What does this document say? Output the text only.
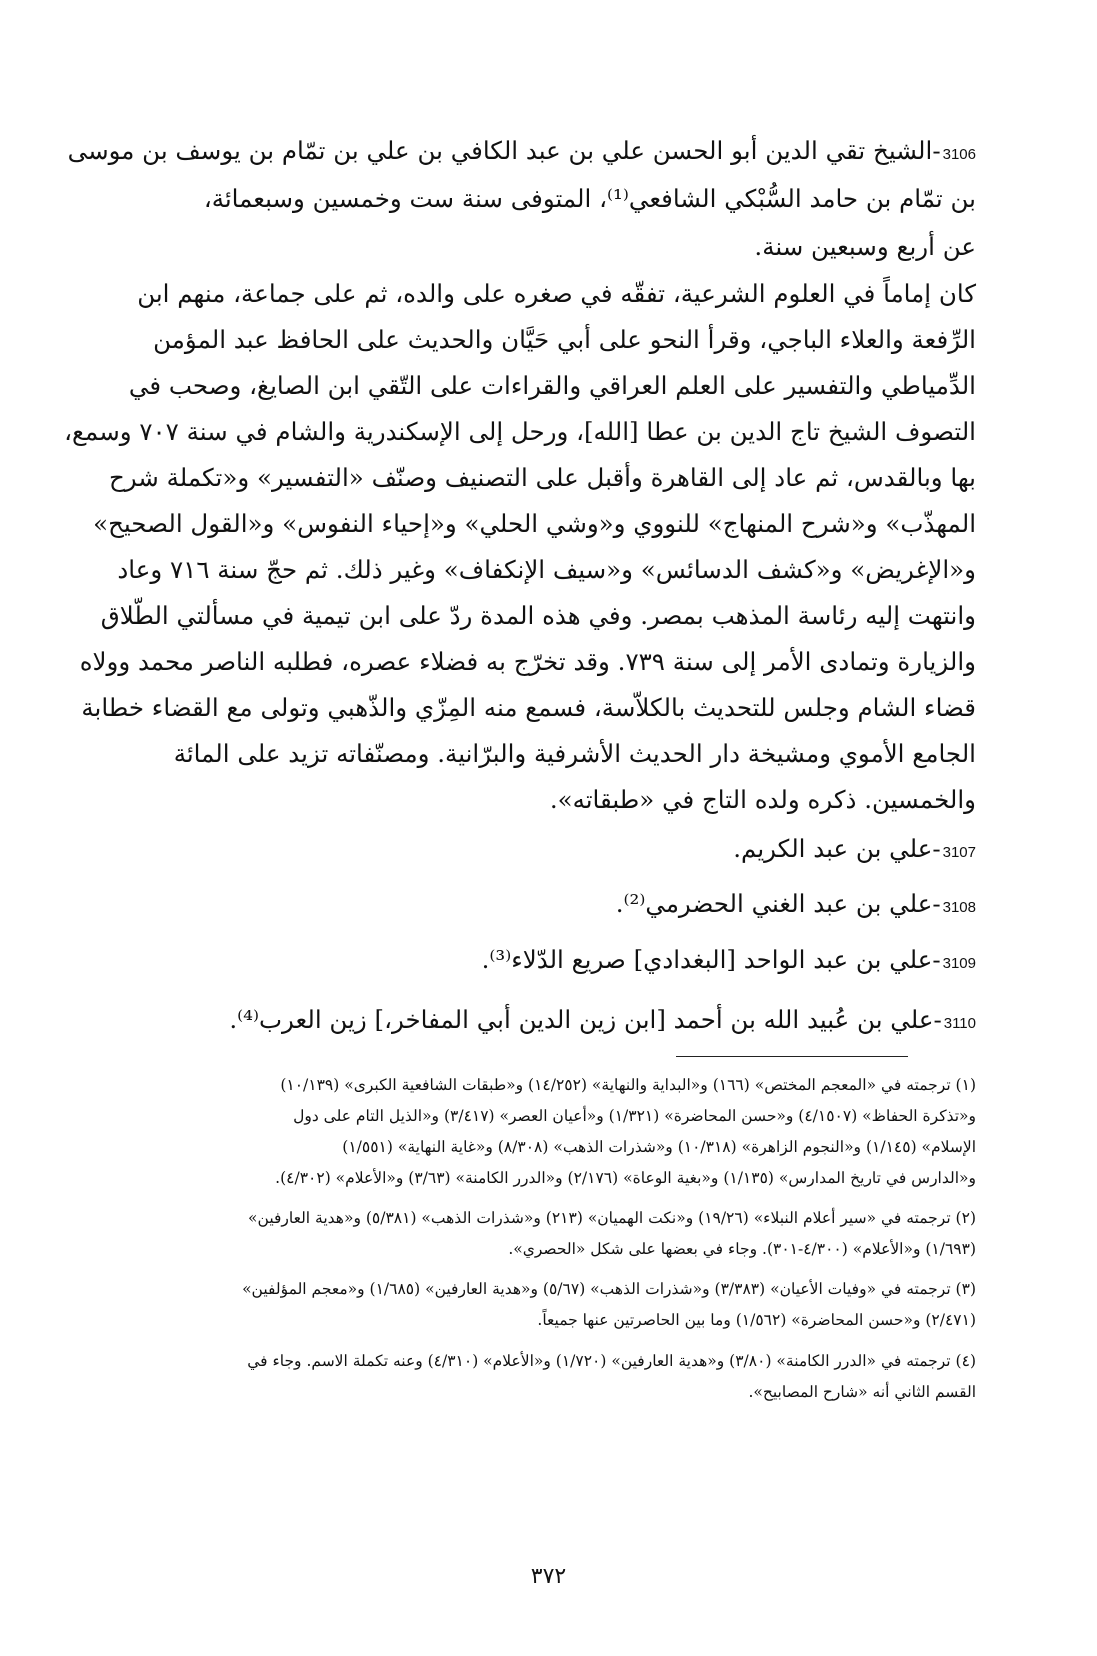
3106-الشيخ تقي الدين أبو الحسن علي بن عبد الكافي بن علي بن تمّام بن يوسف بن موسى
بن تمّام بن حامد السُّبْكي الشافعي⁽¹⁾، المتوفى سنة ست وخمسين وسبعمائة،
عن أربع وسبعين سنة.
كان إماماً في العلوم الشرعية، تفقّه في صغره على والده، ثم على جماعة، منهم ابن
الرِّفعة والعلاء الباجي، وقرأ النحو على أبي حَيَّان والحديث على الحافظ عبد المؤمن
الدِّمياطي والتفسير على العلم العراقي والقراءات على التّقي ابن الصايغ، وصحب في
التصوف الشيخ تاج الدين بن عطا [الله]، ورحل إلى الإسكندرية والشام في سنة ٧٠٧ وسمع،
بها وبالقدس، ثم عاد إلى القاهرة وأقبل على التصنيف وصنّف «التفسير» و«تكملة شرح
المهذّب» و«شرح المنهاج» للنووي و«وشي الحلي» و«إحياء النفوس» و«القول الصحيح»
و«الإغريض» و«كشف الدسائس» و«سيف الإنكفاف» وغير ذلك. ثم حجّ سنة ٧١٦ وعاد
وانتهت إليه رئاسة المذهب بمصر. وفي هذه المدة ردّ على ابن تيمية في مسألتي الطّلاق
والزيارة وتمادى الأمر إلى سنة ٧٣٩. وقد تخرّج به فضلاء عصره، فطلبه الناصر محمد وولاه
قضاء الشام وجلس للتحديث بالكلاّسة، فسمع منه المِزّي والذّهبي وتولى مع القضاء خطابة
الجامع الأموي ومشيخة دار الحديث الأشرفية والبرّانية. ومصنّفاته تزيد على المائة
والخمسين. ذكره ولده التاج في «طبقاته».
3107-علي بن عبد الكريم.
3108-علي بن عبد الغني الحضرمي⁽²⁾.
3109-علي بن عبد الواحد [البغدادي] صريع الدّلاء⁽³⁾.
3110-علي بن عُبيد الله بن أحمد [ابن زين الدين أبي المفاخر،] زين العرب⁽⁴⁾.
(١) ترجمته في «المعجم المختص» (١٦٦) و«البداية والنهاية» (١٤/٢٥٢) و«طبقات الشافعية الكبرى» (١٠/١٣٩)
و«تذكرة الحفاظ» (٤/١٥٠٧) و«حسن المحاضرة» (١/٣٢١) و«أعيان العصر» (٣/٤١٧) و«الذيل التام على دول
الإسلام» (١/١٤٥) و«النجوم الزاهرة» (١٠/٣١٨) و«شذرات الذهب» (٨/٣٠٨) و«غاية النهاية» (١/٥٥١)
و«الدارس في تاريخ المدارس» (١/١٣٥) و«بغية الوعاة» (٢/١٧٦) و«الدرر الكامنة» (٣/٦٣) و«الأعلام» (٤/٣٠٢).
(٢) ترجمته في «سير أعلام النبلاء» (١٩/٢٦) و«نكت الهميان» (٢١٣) و«شذرات الذهب» (٥/٣٨١) و«هدية العارفين»
(١/٦٩٣) و«الأعلام» (٤/٣٠٠-٣٠١). وجاء في بعضها على شكل «الحصري».
(٣) ترجمته في «وفيات الأعيان» (٣/٣٨٣) و«شذرات الذهب» (٥/٦٧) و«هدية العارفين» (١/٦٨٥) و«معجم المؤلفين»
(٢/٤٧١) و«حسن المحاضرة» (١/٥٦٢) وما بين الحاصرتين عنها جميعاً.
(٤) ترجمته في «الدرر الكامنة» (٣/٨٠) و«هدية العارفين» (١/٧٢٠) و«الأعلام» (٤/٣١٠) وعنه تكملة الاسم. وجاء في
القسم الثاني أنه «شارح المصابيح».
٣٧٢
